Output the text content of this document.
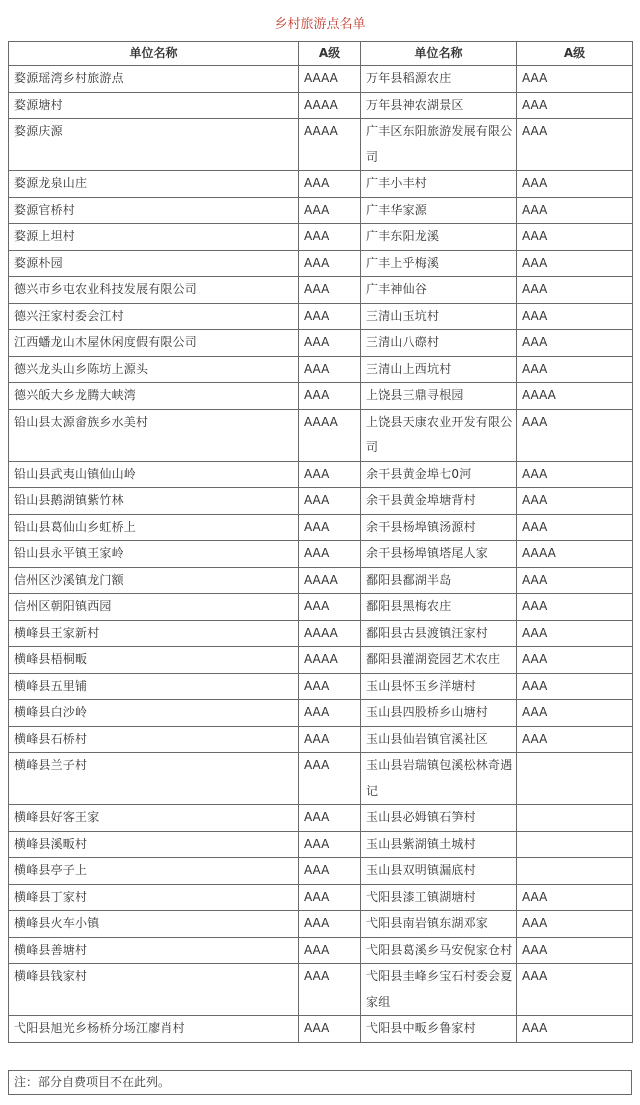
乡村旅游点名单
单位名称	A级	单位名称	A级
婺源瑶湾乡村旅游点	AAAA	万年县稻源农庄	AAA
婺源塘村	AAAA	万年县神农湖景区	AAA
婺源庆源	AAAA	广丰区东阳旅游发展有限公司	AAA
婺源龙泉山庄	AAA	广丰小丰村	AAA
婺源官桥村	AAA	广丰华家源	AAA
婺源上坦村	AAA	广丰东阳龙溪	AAA
婺源朴园	AAA	广丰上乎梅溪	AAA
德兴市乡屯农业科技发展有限公司	AAA	广丰神仙谷	AAA
德兴汪家村委会江村	AAA	三清山玉坑村	AAA
江西蟠龙山木屋休闲度假有限公司	AAA	三清山八磜村	AAA
德兴龙头山乡陈坊上源头	AAA	三清山上西坑村	AAA
德兴皈大乡龙腾大峡湾	AAA	上饶县三鼎寻根园	AAAA
铅山县太源畲族乡水美村	AAAA	上饶县天康农业开发有限公司	AAA
铅山县武夷山镇仙山岭	AAA	余干县黄金埠七0河	AAA
铅山县鹅湖镇紫竹林	AAA	余干县黄金埠塘背村	AAA
铅山县葛仙山乡虹桥上	AAA	余干县杨埠镇汤源村	AAA
铅山县永平镇王家岭	AAA	余干县杨埠镇塔尾人家	AAAA
信州区沙溪镇龙门额	AAAA	鄱阳县鄱湖半岛	AAA
信州区朝阳镇西园	AAA	鄱阳县黑梅农庄	AAA
横峰县王家新村	AAAA	鄱阳县古县渡镇汪家村	AAA
横峰县梧桐畈	AAAA	鄱阳县灌湖瓷园艺术农庄	AAA
横峰县五里铺	AAA	玉山县怀玉乡洋塘村	AAA
横峰县白沙岭	AAA	玉山县四股桥乡山塘村	AAA
横峰县石桥村	AAA	玉山县仙岩镇官溪社区	AAA
横峰县兰子村	AAA	玉山县岩瑞镇包溪松林奇遇记	
横峰县好客王家	AAA	玉山县必姆镇石笋村	
横峰县溪畈村	AAA	玉山县紫湖镇土城村	
横峰县亭子上	AAA	玉山县双明镇漏底村	
横峰县丁家村	AAA	弋阳县漆工镇湖塘村	AAA
横峰县火车小镇	AAA	弋阳县南岩镇东湖邓家	AAA
横峰县善塘村	AAA	弋阳县葛溪乡马安倪家仓村	AAA
横峰县钱家村	AAA	弋阳县圭峰乡宝石村委会夏家组	AAA
弋阳县旭光乡杨桥分场江廖肖村	AAA	弋阳县中畈乡鲁家村	AAA
注：部分自费项目不在此列。
